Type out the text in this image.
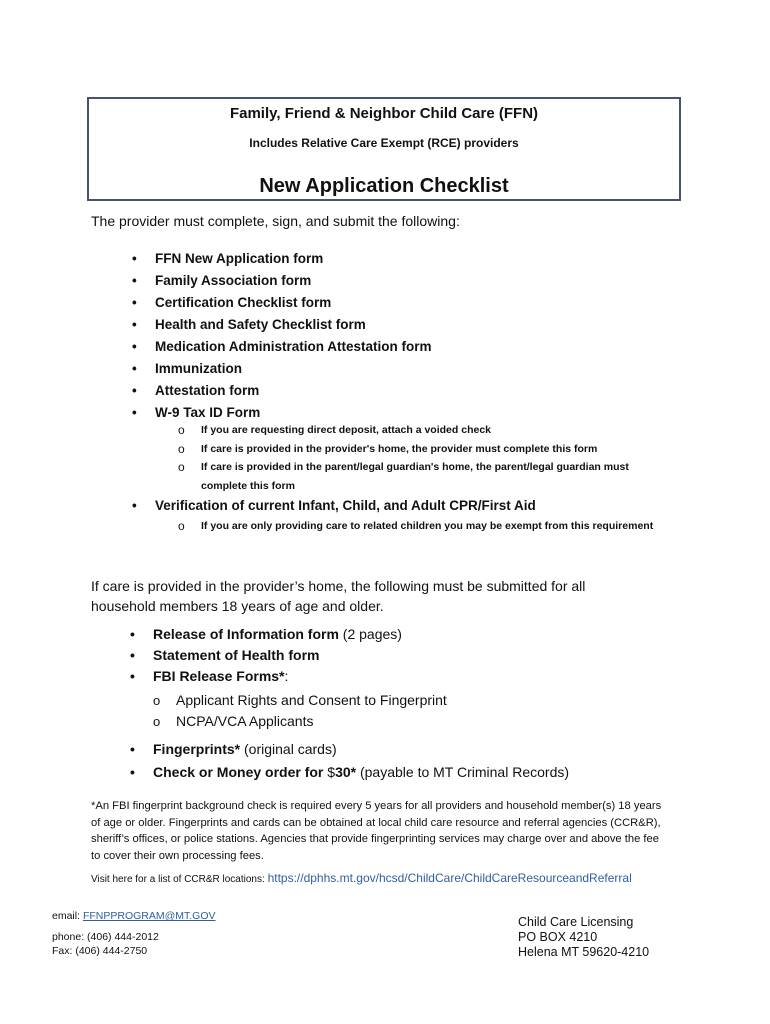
Family, Friend & Neighbor Child Care (FFN)
Includes Relative Care Exempt (RCE) providers
New Application Checklist
The provider must complete, sign, and submit the following:
• FFN New Application form
• Family Association form
• Certification Checklist form
• Health and Safety Checklist form
• Medication Administration Attestation form
• Immunization
• Attestation form
• W-9 Tax ID Form
o If you are requesting direct deposit, attach a voided check
o If care is provided in the provider's home, the provider must complete this form
o If care is provided in the parent/legal guardian's home, the parent/legal guardian must complete this form
• Verification of current Infant, Child, and Adult CPR/First Aid
o If you are only providing care to related children you may be exempt from this requirement
If care is provided in the provider’s home, the following must be submitted for all household members 18 years of age and older.
• Release of Information form (2 pages)
• Statement of Health form
• FBI Release Forms*:
o Applicant Rights and Consent to Fingerprint
o NCPA/VCA Applicants
• Fingerprints* (original cards)
• Check or Money order for $30* (payable to MT Criminal Records)
*An FBI fingerprint background check is required every 5 years for all providers and household member(s) 18 years of age or older. Fingerprints and cards can be obtained at local child care resource and referral agencies (CCR&R), sheriff’s offices, or police stations. Agencies that provide fingerprinting services may charge over and above the fee to cover their own processing fees.
Visit here for a list of CCR&R locations: https://dphhs.mt.gov/hcsd/ChildCare/ChildCareResourceandReferral
email: FFNPPROGRAM@MT.GOV
phone: (406) 444-2012
Fax: (406) 444-2750
Child Care Licensing
PO BOX 4210
Helena MT 59620-4210
